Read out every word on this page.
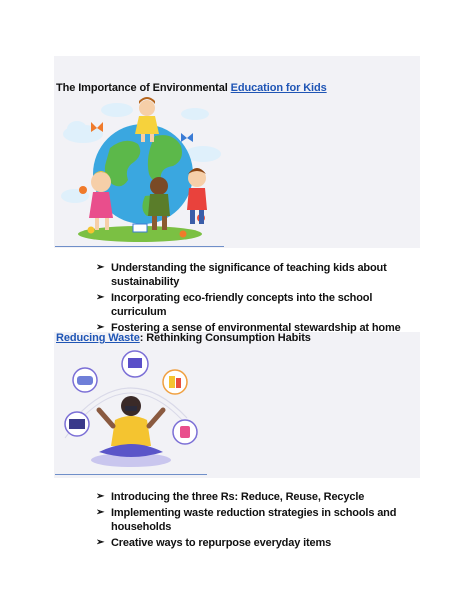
The Importance of Environmental Education for Kids
➢ Understanding the significance of teaching kids about sustainability
➢ Incorporating eco-friendly concepts into the school curriculum
➢ Fostering a sense of environmental stewardship at home
Reducing Waste: Rethinking Consumption Habits
➢ Introducing the three Rs: Reduce, Reuse, Recycle
➢ Implementing waste reduction strategies in schools and households
➢ Creative ways to repurpose everyday items
